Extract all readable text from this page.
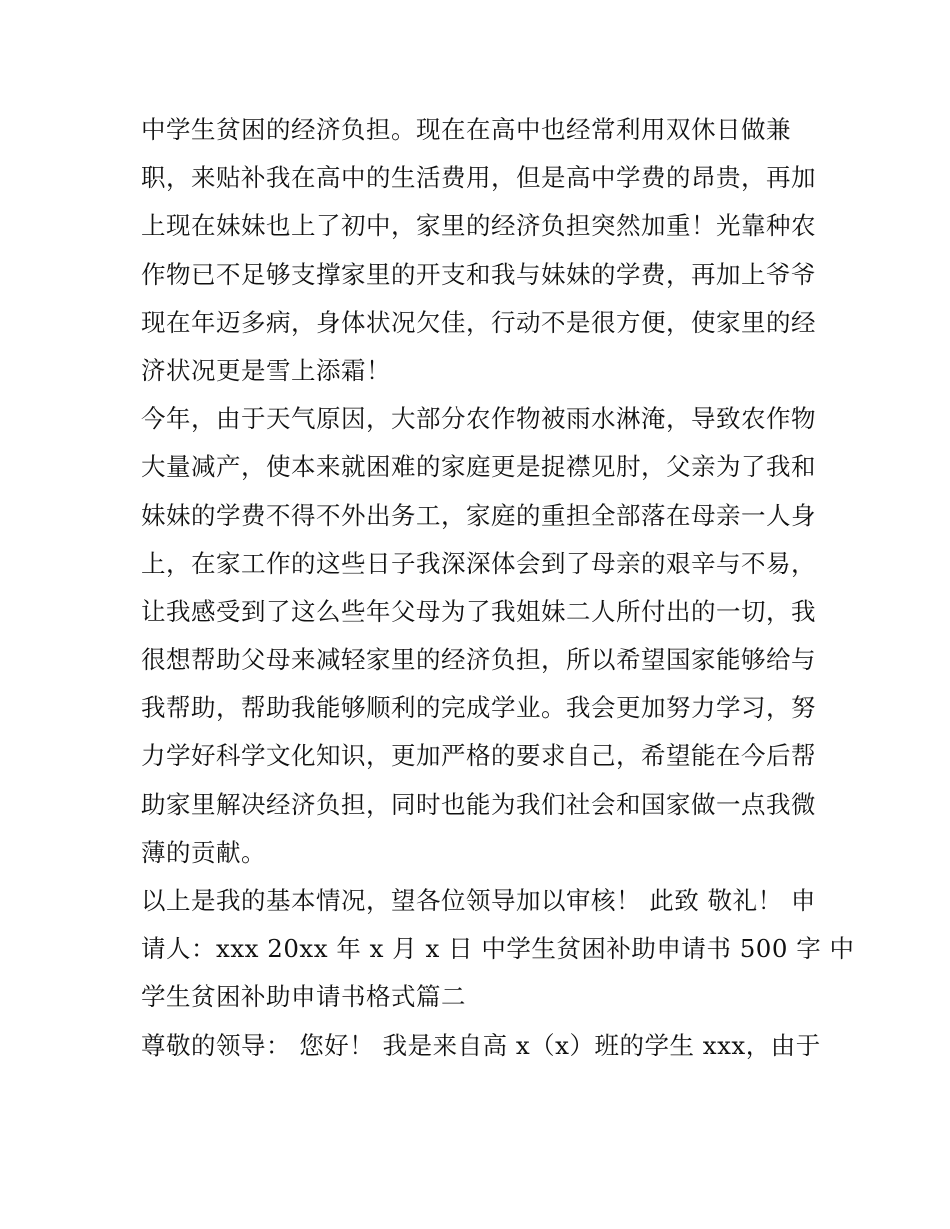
中学生贫困的经济负担。现在在高中也经常利用双休日做兼
职，来贴补我在高中的生活费用，但是高中学费的昂贵，再加
上现在妹妹也上了初中，家里的经济负担突然加重！光靠种农
作物已不足够支撑家里的开支和我与妹妹的学费，再加上爷爷
现在年迈多病，身体状况欠佳，行动不是很方便，使家里的经
济状况更是雪上添霜！
今年，由于天气原因，大部分农作物被雨水淋淹，导致农作物
大量减产，使本来就困难的家庭更是捉襟见肘，父亲为了我和
妹妹的学费不得不外出务工，家庭的重担全部落在母亲一人身
上，在家工作的这些日子我深深体会到了母亲的艰辛与不易，
让我感受到了这么些年父母为了我姐妹二人所付出的一切，我
很想帮助父母来减轻家里的经济负担，所以希望国家能够给与
我帮助，帮助我能够顺利的完成学业。我会更加努力学习，努
力学好科学文化知识，更加严格的要求自己，希望能在今后帮
助家里解决经济负担，同时也能为我们社会和国家做一点我微
薄的贡献。
以上是我的基本情况，望各位领导加以审核！ 此致 敬礼！ 申
请人：xxx 20xx 年 x 月 x 日 中学生贫困补助申请书 500 字 中
学生贫困补助申请书格式篇二
尊敬的领导： 您好！ 我是来自高 x（x）班的学生 xxx，由于
